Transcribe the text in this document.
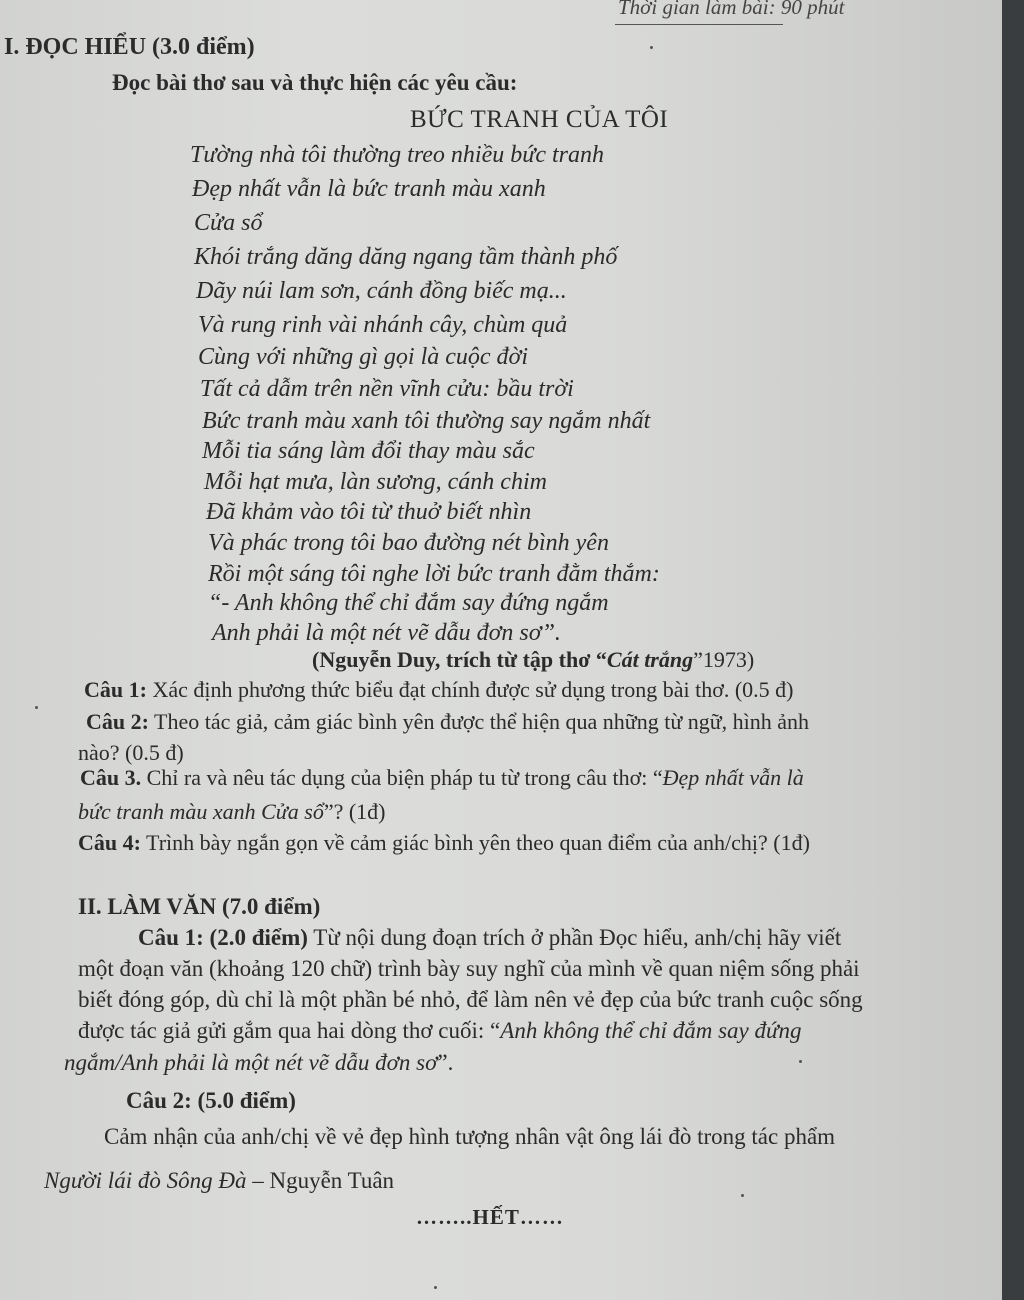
Thời gian làm bài: 90 phút
I. ĐỌC HIỂU (3.0 điểm)
Đọc bài thơ sau và thực hiện các yêu cầu:
BỨC TRANH CỦA TÔI
Tường nhà tôi thường treo nhiều bức tranh
Đẹp nhất vẫn là bức tranh màu xanh
Cửa sổ
Khói trắng dăng dăng ngang tầm thành phố
Dãy núi lam sơn, cánh đồng biếc mạ...
Và rung rinh vài nhánh cây, chùm quả
Cùng với những gì gọi là cuộc đời
Tất cả dẫm trên nền vĩnh cửu: bầu trời
Bức tranh màu xanh tôi thường say ngắm nhất
Mỗi tia sáng làm đổi thay màu sắc
Mỗi hạt mưa, làn sương, cánh chim
Đã khảm vào tôi từ thuở biết nhìn
Và phác trong tôi bao đường nét bình yên
Rồi một sáng tôi nghe lời bức tranh đằm thắm:
“- Anh không thể chỉ đắm say đứng ngắm
Anh phải là một nét vẽ dẫu đơn sơ”.
(Nguyễn Duy, trích từ tập thơ “Cát trắng”1973)
Câu 1: Xác định phương thức biểu đạt chính được sử dụng trong bài thơ. (0.5 đ)
Câu 2: Theo tác giả, cảm giác bình yên được thể hiện qua những từ ngữ, hình ảnh
nào? (0.5 đ)
Câu 3. Chỉ ra và nêu tác dụng của biện pháp tu từ trong câu thơ: “Đẹp nhất vẫn là
bức tranh màu xanh Cửa sổ”? (1đ)
Câu 4: Trình bày ngắn gọn về cảm giác bình yên theo quan điểm của anh/chị? (1đ)
II. LÀM VĂN (7.0 điểm)
Câu 1: (2.0 điểm) Từ nội dung đoạn trích ở phần Đọc hiểu, anh/chị hãy viết
một đoạn văn (khoảng 120 chữ) trình bày suy nghĩ của mình về quan niệm sống phải
biết đóng góp, dù chỉ là một phần bé nhỏ, để làm nên vẻ đẹp của bức tranh cuộc sống
được tác giả gửi gắm qua hai dòng thơ cuối: “Anh không thể chỉ đắm say đứng
ngắm/Anh phải là một nét vẽ dẫu đơn sơ”.
Câu 2: (5.0 điểm)
Cảm nhận của anh/chị về vẻ đẹp hình tượng nhân vật ông lái đò trong tác phẩm
Người lái đò Sông Đà – Nguyễn Tuân
……..HẾT……
